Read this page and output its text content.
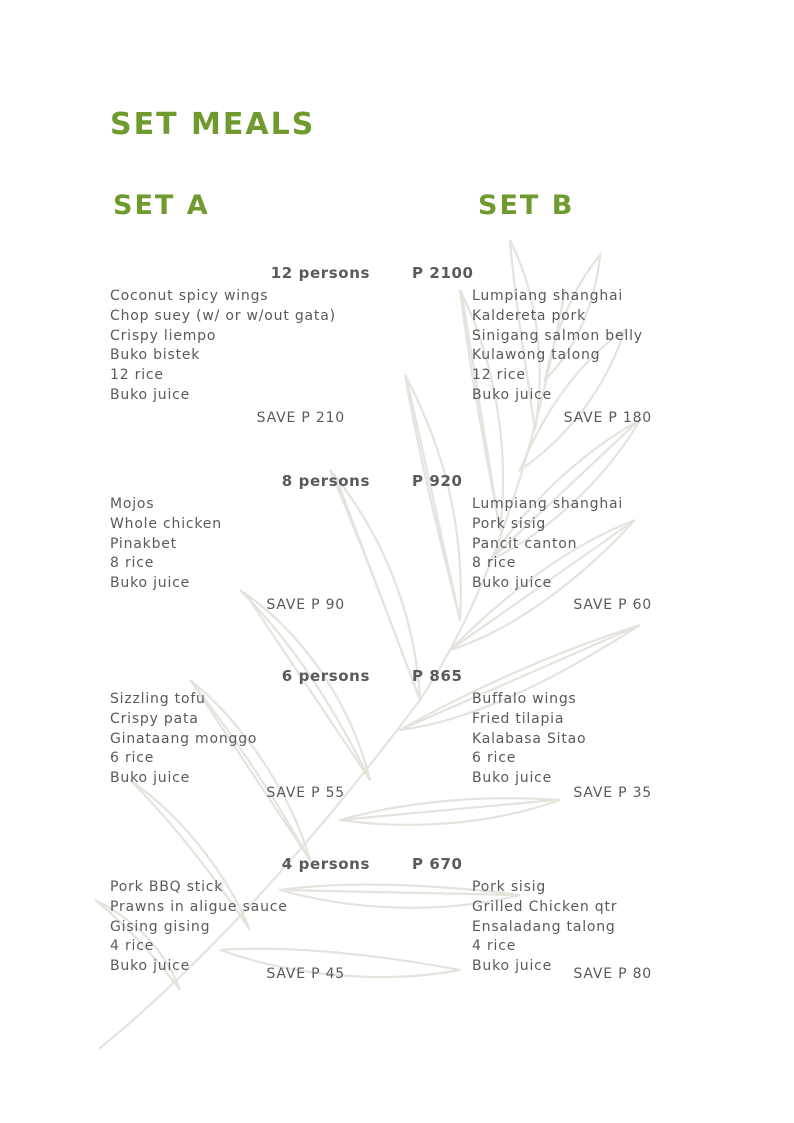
SET MEALS
SET A	SET B
12 persons	P 2100
Coconut spicy wings
Chop suey (w/ or w/out gata)
Crispy liempo
Buko bistek
12 rice
Buko juice
SAVE P 210
Lumpiang shanghai
Kaldereta pork
Sinigang salmon belly
Kulawong talong
12 rice
Buko juice
SAVE P 180
8 persons	P 920
Mojos
Whole chicken
Pinakbet
8 rice
Buko juice
SAVE P 90
Lumpiang shanghai
Pork sisig
Pancit canton
8 rice
Buko juice
SAVE P 60
6 persons	P 865
Sizzling tofu
Crispy pata
Ginataang monggo
6 rice
Buko juice
SAVE P 55
Buffalo wings
Fried tilapia
Kalabasa Sitao
6 rice
Buko juice
SAVE P 35
4 persons	P 670
Pork BBQ stick
Prawns in aligue sauce
Gising gising
4 rice
Buko juice	SAVE P 45
Pork sisig
Grilled Chicken qtr
Ensaladang talong
4 rice
Buko juice	SAVE P 80
